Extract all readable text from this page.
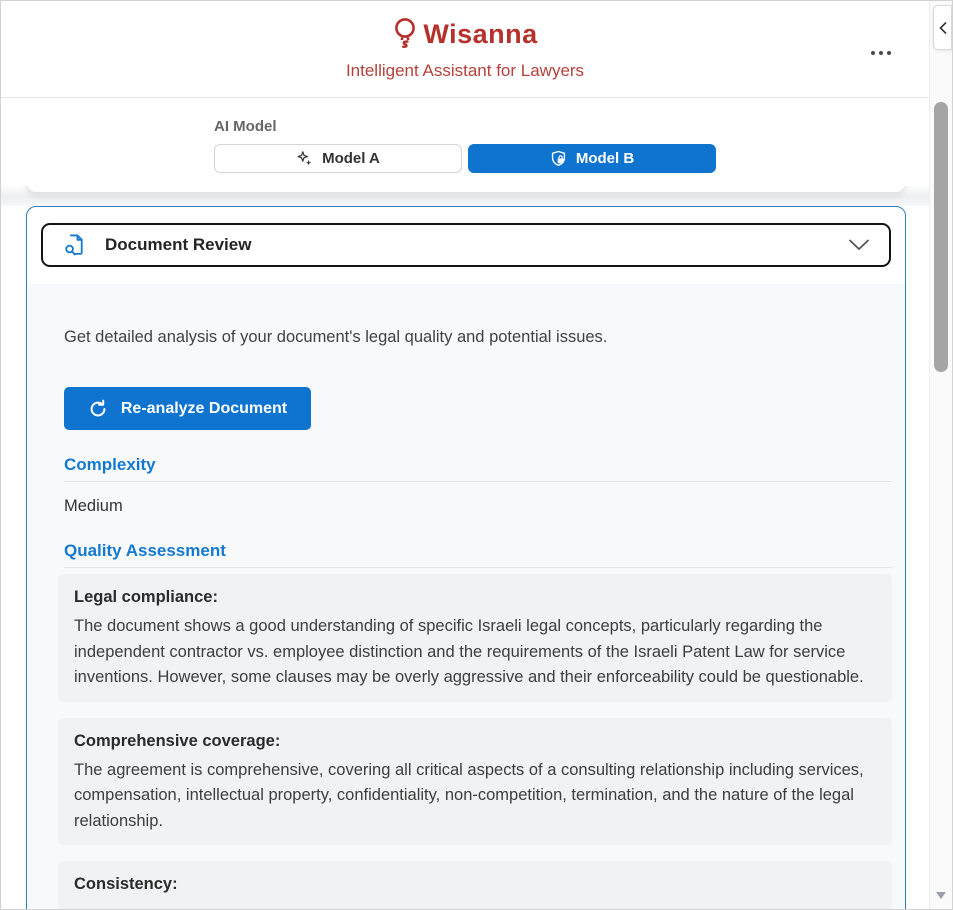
Wisanna
Intelligent Assistant for Lawyers
AI Model
Model A	Model B
Document Review

Get detailed analysis of your document's legal quality and potential issues.

Re-analyze Document
Complexity

Medium

Quality Assessment
Legal compliance:
The document shows a good understanding of specific Israeli legal concepts, particularly regarding the independent contractor vs. employee distinction and the requirements of the Israeli Patent Law for service inventions. However, some clauses may be overly aggressive and their enforceability could be questionable.
Comprehensive coverage:
The agreement is comprehensive, covering all critical aspects of a consulting relationship including services, compensation, intellectual property, confidentiality, non-competition, termination, and the nature of the legal relationship.
Consistency:
